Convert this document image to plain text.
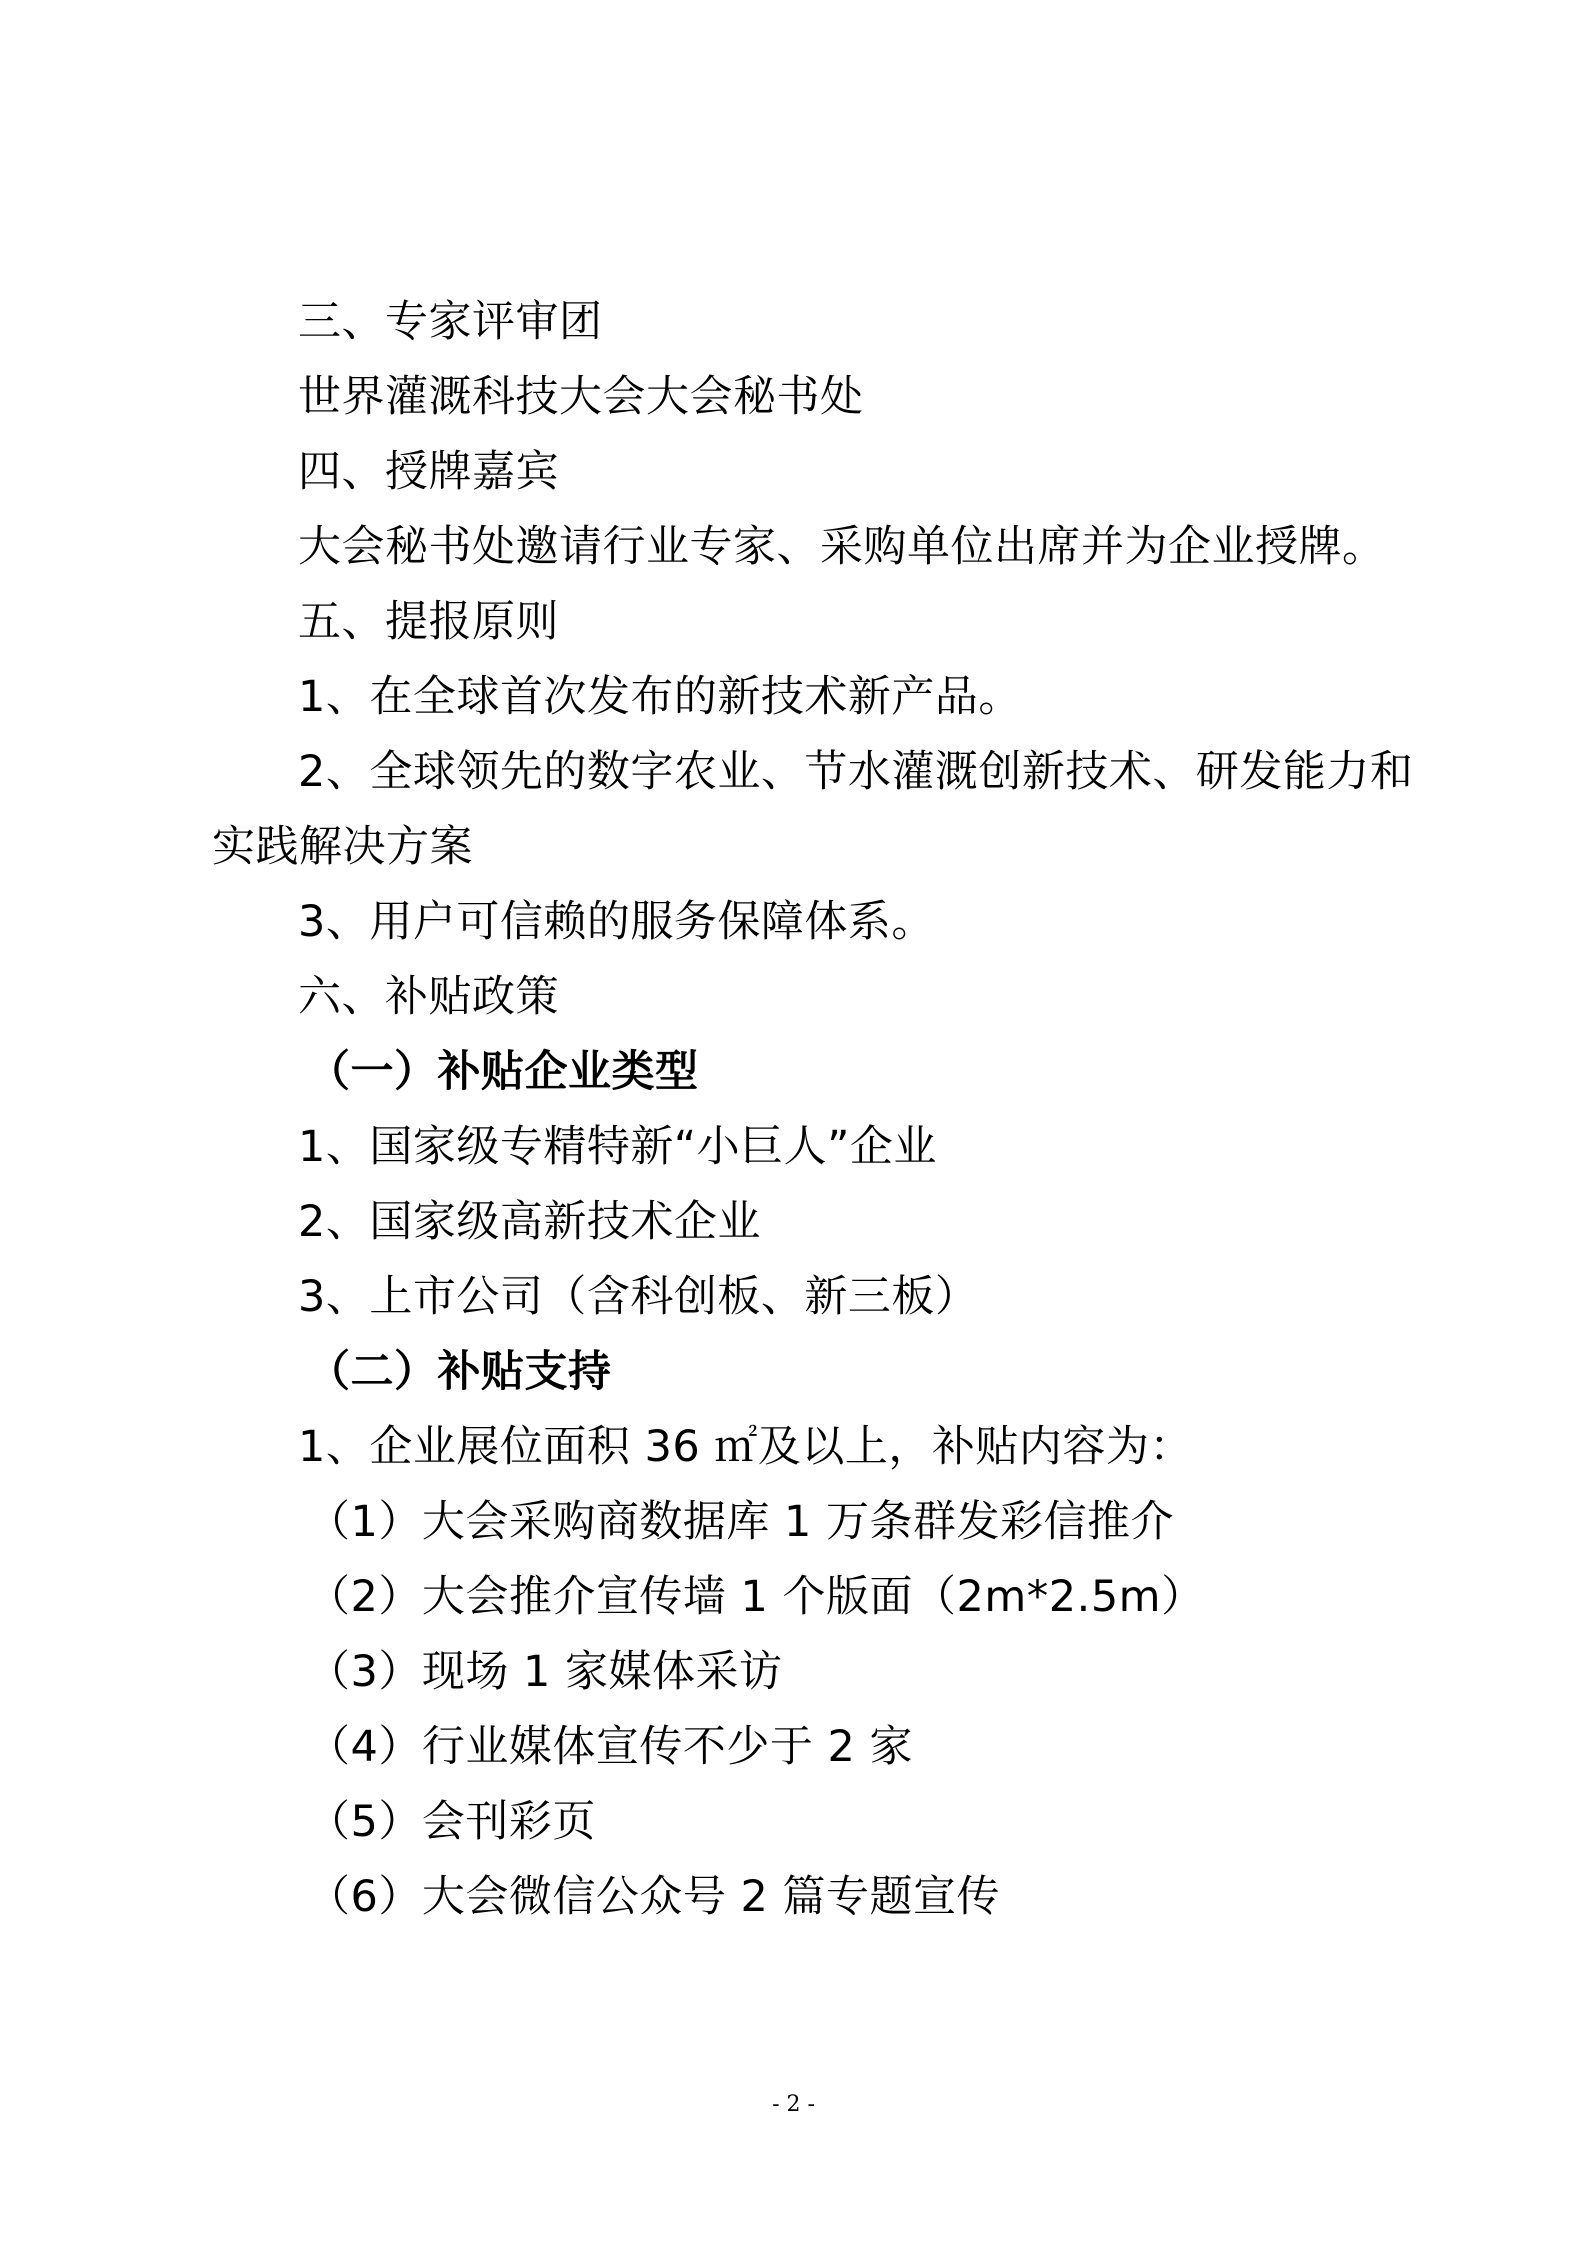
三、专家评审团
世界灌溉科技大会大会秘书处
四、授牌嘉宾
大会秘书处邀请行业专家、采购单位出席并为企业授牌。
五、提报原则
1、在全球首次发布的新技术新产品。
2、全球领先的数字农业、节水灌溉创新技术、研发能力和
实践解决方案
3、用户可信赖的服务保障体系。
六、补贴政策
（一）补贴企业类型
1、国家级专精特新“小巨人”企业
2、国家级高新技术企业
3、上市公司（含科创板、新三板）
（二）补贴支持
1、企业展位面积 36 ㎡及以上，补贴内容为：
（1）大会采购商数据库 1 万条群发彩信推介
（2）大会推介宣传墙 1 个版面（2m*2.5m）
（3）现场 1 家媒体采访
（4）行业媒体宣传不少于 2 家
（5）会刊彩页
（6）大会微信公众号 2 篇专题宣传
- 2 -
